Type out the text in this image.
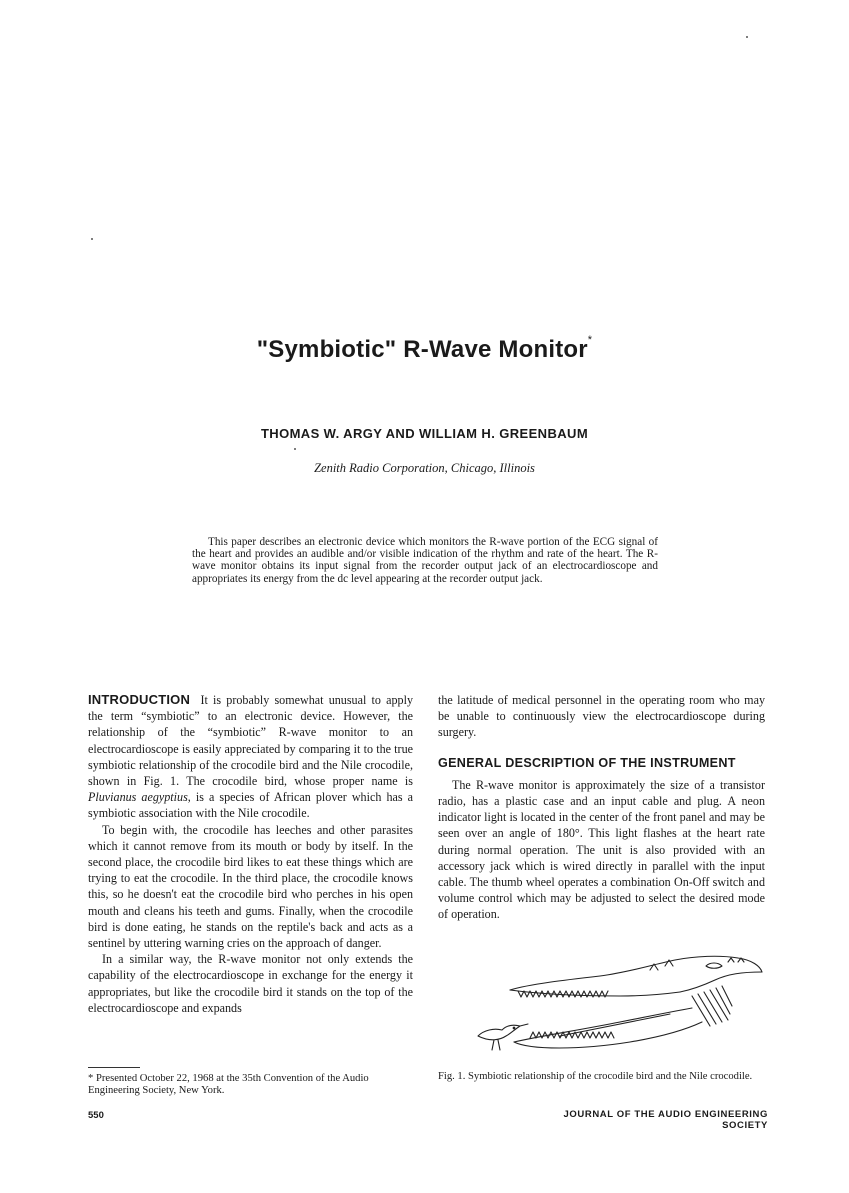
"Symbiotic" R-Wave Monitor*
THOMAS W. ARGY AND WILLIAM H. GREENBAUM
Zenith Radio Corporation, Chicago, Illinois

This paper describes an electronic device which monitors the R-wave portion of the ECG signal of the heart and provides an audible and/or visible indication of the rhythm and rate of the heart. The R-wave monitor obtains its input signal from the recorder output jack of an electrocardioscope and appropriates its energy from the dc level appearing at the recorder output jack.

INTRODUCTION It is probably somewhat unusual to apply the term “symbiotic” to an electronic device. However, the relationship of the “symbiotic” R-wave monitor to an electrocardioscope is easily appreciated by comparing it to the true symbiotic relationship of the crocodile bird and the Nile crocodile, shown in Fig. 1. The crocodile bird, whose proper name is Pluvianus aegyptius, is a species of African plover which has a symbiotic association with the Nile crocodile.

To begin with, the crocodile has leeches and other parasites which it cannot remove from its mouth or body by itself. In the second place, the crocodile bird likes to eat these things which are trying to eat the crocodile. In the third place, the crocodile knows this, so he doesn't eat the crocodile bird who perches in his open mouth and cleans his teeth and gums. Finally, when the crocodile bird is done eating, he stands on the reptile's back and acts as a sentinel by uttering warning cries on the approach of danger.

In a similar way, the R-wave monitor not only extends the capability of the electrocardioscope in exchange for the energy it appropriates, but like the crocodile bird it stands on the top of the electrocardioscope and expands

the latitude of medical personnel in the operating room who may be unable to continuously view the electrocardioscope during surgery.

GENERAL DESCRIPTION OF THE INSTRUMENT

The R-wave monitor is approximately the size of a transistor radio, has a plastic case and an input cable and plug. A neon indicator light is located in the center of the front panel and may be seen over an angle of 180°. This light flashes at the heart rate during normal operation. The unit is also provided with an accessory jack which is wired directly in parallel with the input cable. The thumb wheel operates a combination On-Off switch and volume control which may be adjusted to select the desired mode of operation.

* Presented October 22, 1968 at the 35th Convention of the Audio Engineering Society, New York.
Fig. 1. Symbiotic relationship of the crocodile bird and the Nile crocodile.
550	JOURNAL OF THE AUDIO ENGINEERING SOCIETY
